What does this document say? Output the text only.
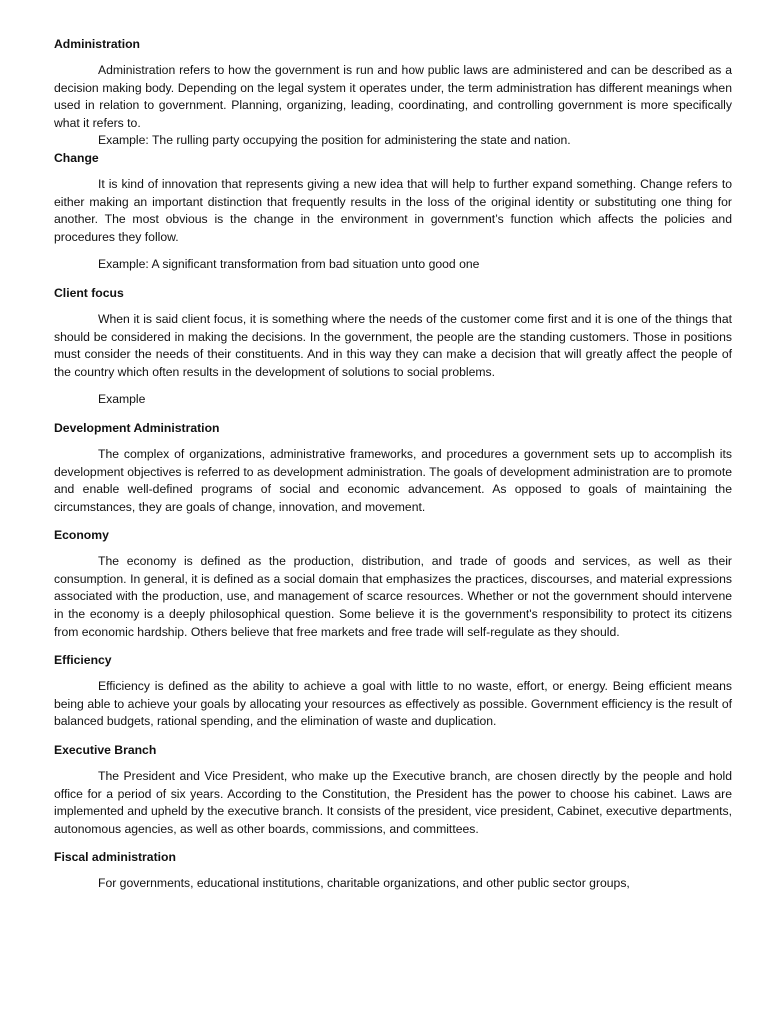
Administration

Administration refers to how the government is run and how public laws are administered and can be described as a decision making body. Depending on the legal system it operates under, the term administration has different meanings when used in relation to government. Planning, organizing, leading, coordinating, and controlling government is more specifically what it refers to.

Example: The rulling party occupying the position for administering the state and nation.

Change

It is kind of innovation that represents giving a new idea that will help to further expand something. Change refers to either making an important distinction that frequently results in the loss of the original identity or substituting one thing for another. The most obvious is the change in the environment in government’s function which affects the policies and procedures they follow.

Example: A significant transformation from bad situation unto good one

Client focus

When it is said client focus, it is something where the needs of the customer come first and it is one of the things that should be considered in making the decisions. In the government, the people are the standing customers. Those in positions must consider the needs of their constituents. And in this way they can make a decision that will greatly affect the people of the country which often results in the development of solutions to social problems.

Example

Development Administration

The complex of organizations, administrative frameworks, and procedures a government sets up to accomplish its development objectives is referred to as development administration. The goals of development administration are to promote and enable well-defined programs of social and economic advancement. As opposed to goals of maintaining the circumstances, they are goals of change, innovation, and movement.

Economy

The economy is defined as the production, distribution, and trade of goods and services, as well as their consumption. In general, it is defined as a social domain that emphasizes the practices, discourses, and material expressions associated with the production, use, and management of scarce resources. Whether or not the government should intervene in the economy is a deeply philosophical question. Some believe it is the government's responsibility to protect its citizens from economic hardship. Others believe that free markets and free trade will self-regulate as they should.

Efficiency

Efficiency is defined as the ability to achieve a goal with little to no waste, effort, or energy. Being efficient means being able to achieve your goals by allocating your resources as effectively as possible. Government efficiency is the result of balanced budgets, rational spending, and the elimination of waste and duplication.

Executive Branch

The President and Vice President, who make up the Executive branch, are chosen directly by the people and hold office for a period of six years. According to the Constitution, the President has the power to choose his cabinet. Laws are implemented and upheld by the executive branch. It consists of the president, vice president, Cabinet, executive departments, autonomous agencies, as well as other boards, commissions, and committees.

Fiscal administration

For governments, educational institutions, charitable organizations, and other public sector groups,
